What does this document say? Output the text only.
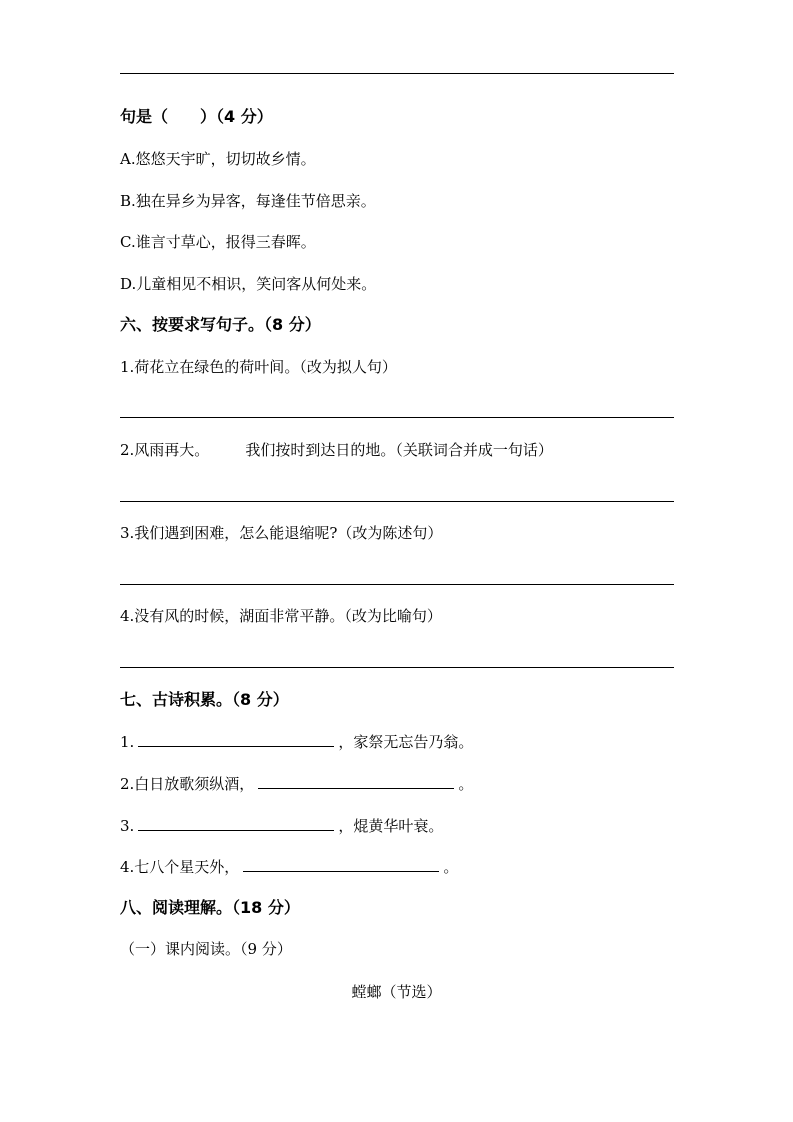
句是（　　）（4 分）
A.悠悠天宇旷，切切故乡情。
B.独在异乡为异客，每逢佳节倍思亲。
C.谁言寸草心，报得三春晖。
D.儿童相见不相识，笑问客从何处来。
六、按要求写句子。（8 分）
1.荷花立在绿色的荷叶间。（改为拟人句）
2.风雨再大。 我们按时到达日的地。（关联词合并成一句话）
3.我们遇到困难，怎么能退缩呢?（改为陈述句）
4.没有风的时候，湖面非常平静。（改为比喻句）
七、古诗积累。（8 分）
1.	，家祭无忘告乃翁。
2.白日放歌须纵酒，	。
3.	，焜黄华叶衰。
4.七八个星天外，	。
八、阅读理解。（18 分）
（一）课内阅读。（9 分）
螳螂（节选）
